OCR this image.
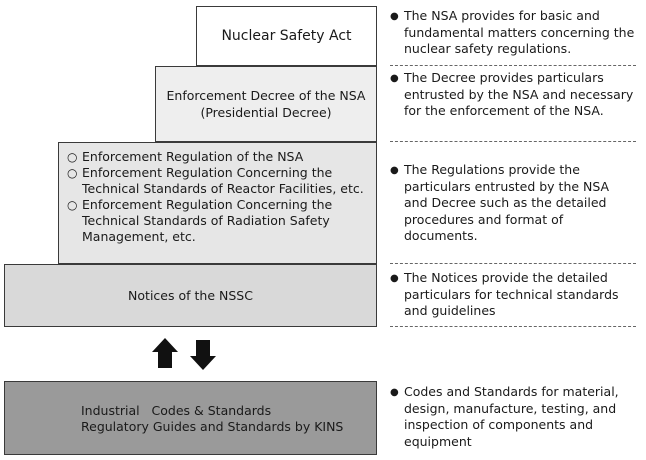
Nuclear Safety Act
Enforcement Decree of the NSA
(Presidential Decree)
○ Enforcement Regulation of the NSA
○ Enforcement Regulation Concerning the Technical Standards of Reactor Facilities, etc.
○ Enforcement Regulation Concerning the Technical Standards of Radiation Safety Management, etc.
Notices of the NSSC
Industrial   Codes & Standards
Regulatory Guides and Standards by KINS
● The NSA provides for basic and fundamental matters concerning the nuclear safety regulations.
● The Decree provides particulars entrusted by the NSA and necessary for the enforcement of the NSA.
● The Regulations provide the particulars entrusted by the NSA and Decree such as the detailed procedures and format of documents.
● The Notices provide the detailed particulars for technical standards and guidelines
● Codes and Standards for material, design, manufacture, testing, and inspection of components and equipment
